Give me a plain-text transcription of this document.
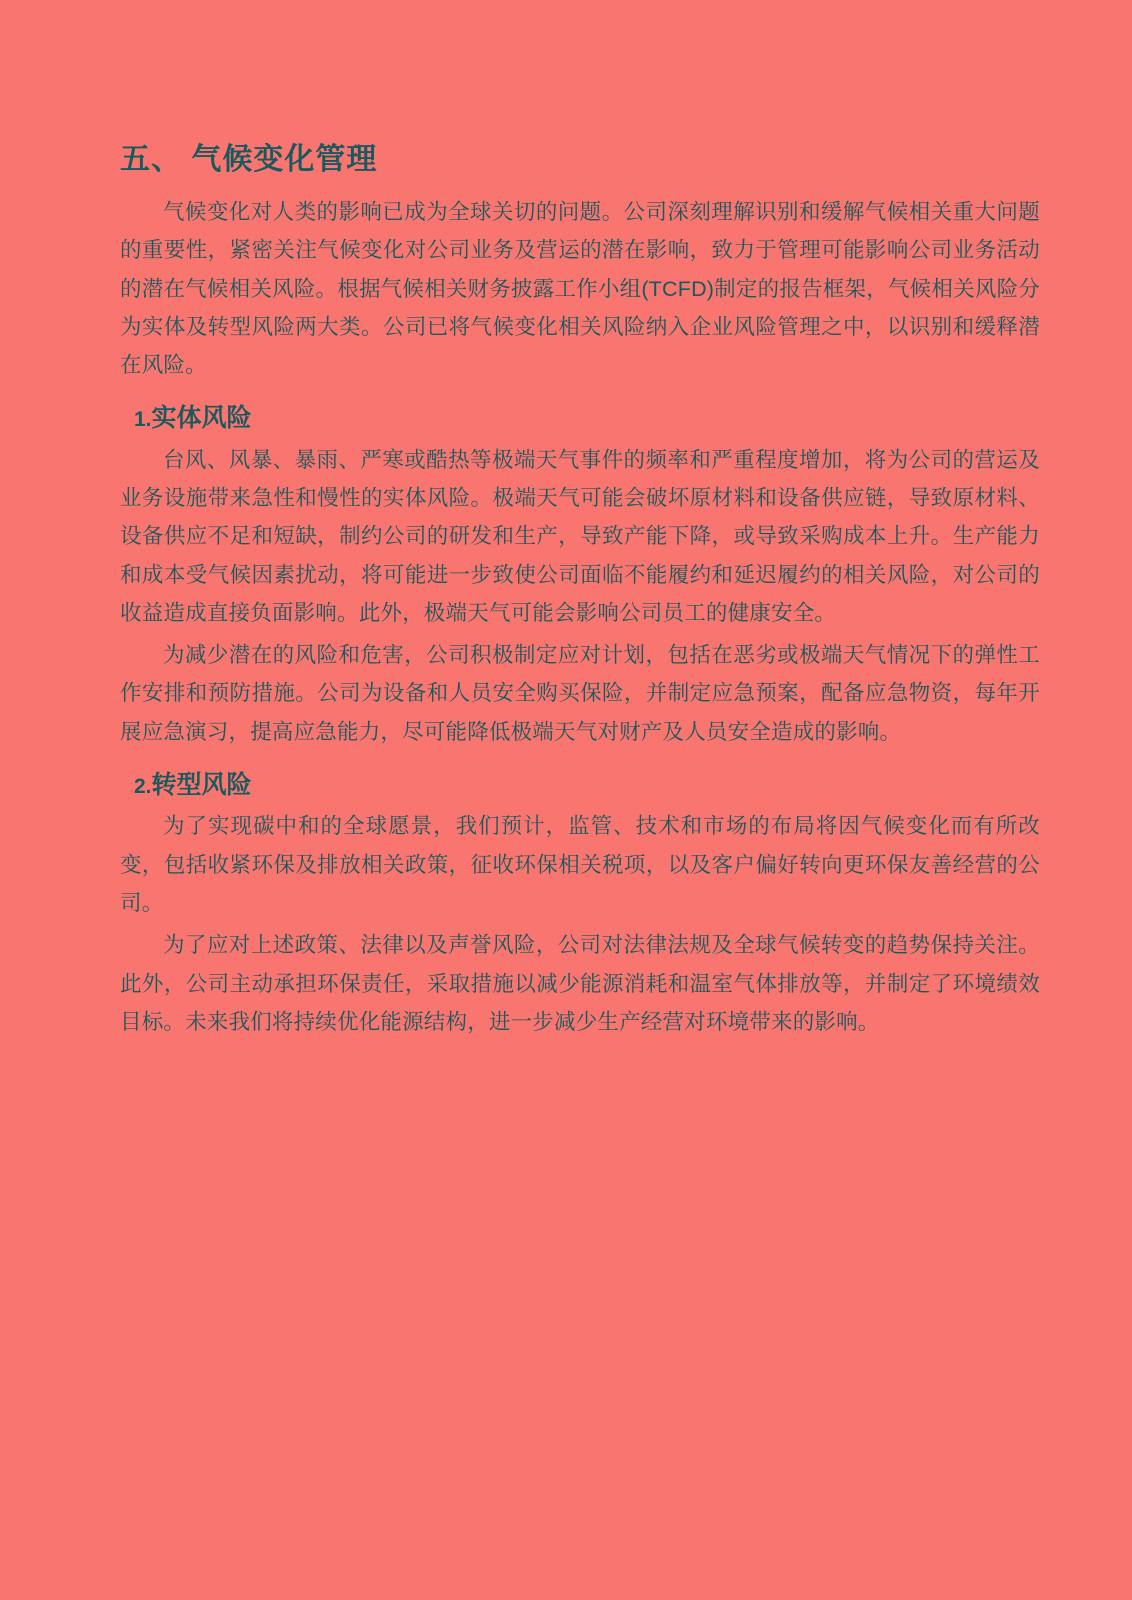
五、 气候变化管理

气候变化对人类的影响已成为全球关切的问题。公司深刻理解识别和缓解气候相关重大问题的重要性，紧密关注气候变化对公司业务及营运的潜在影响，致力于管理可能影响公司业务活动的潜在气候相关风险。根据气候相关财务披露工作小组(TCFD)制定的报告框架，气候相关风险分为实体及转型风险两大类。公司已将气候变化相关风险纳入企业风险管理之中，以识别和缓释潜在风险。

1.实体风险

台风、风暴、暴雨、严寒或酷热等极端天气事件的频率和严重程度增加，将为公司的营运及业务设施带来急性和慢性的实体风险。极端天气可能会破坏原材料和设备供应链，导致原材料、设备供应不足和短缺，制约公司的研发和生产，导致产能下降，或导致采购成本上升。生产能力和成本受气候因素扰动，将可能进一步致使公司面临不能履约和延迟履约的相关风险，对公司的收益造成直接负面影响。此外，极端天气可能会影响公司员工的健康安全。

为减少潜在的风险和危害，公司积极制定应对计划，包括在恶劣或极端天气情况下的弹性工作安排和预防措施。公司为设备和人员安全购买保险，并制定应急预案，配备应急物资，每年开展应急演习，提高应急能力，尽可能降低极端天气对财产及人员安全造成的影响。

2.转型风险

为了实现碳中和的全球愿景，我们预计，监管、技术和市场的布局将因气候变化而有所改变，包括收紧环保及排放相关政策，征收环保相关税项，以及客户偏好转向更环保友善经营的公司。

为了应对上述政策、法律以及声誉风险，公司对法律法规及全球气候转变的趋势保持关注。此外，公司主动承担环保责任，采取措施以减少能源消耗和温室气体排放等，并制定了环境绩效目标。未来我们将持续优化能源结构，进一步减少生产经营对环境带来的影响。
